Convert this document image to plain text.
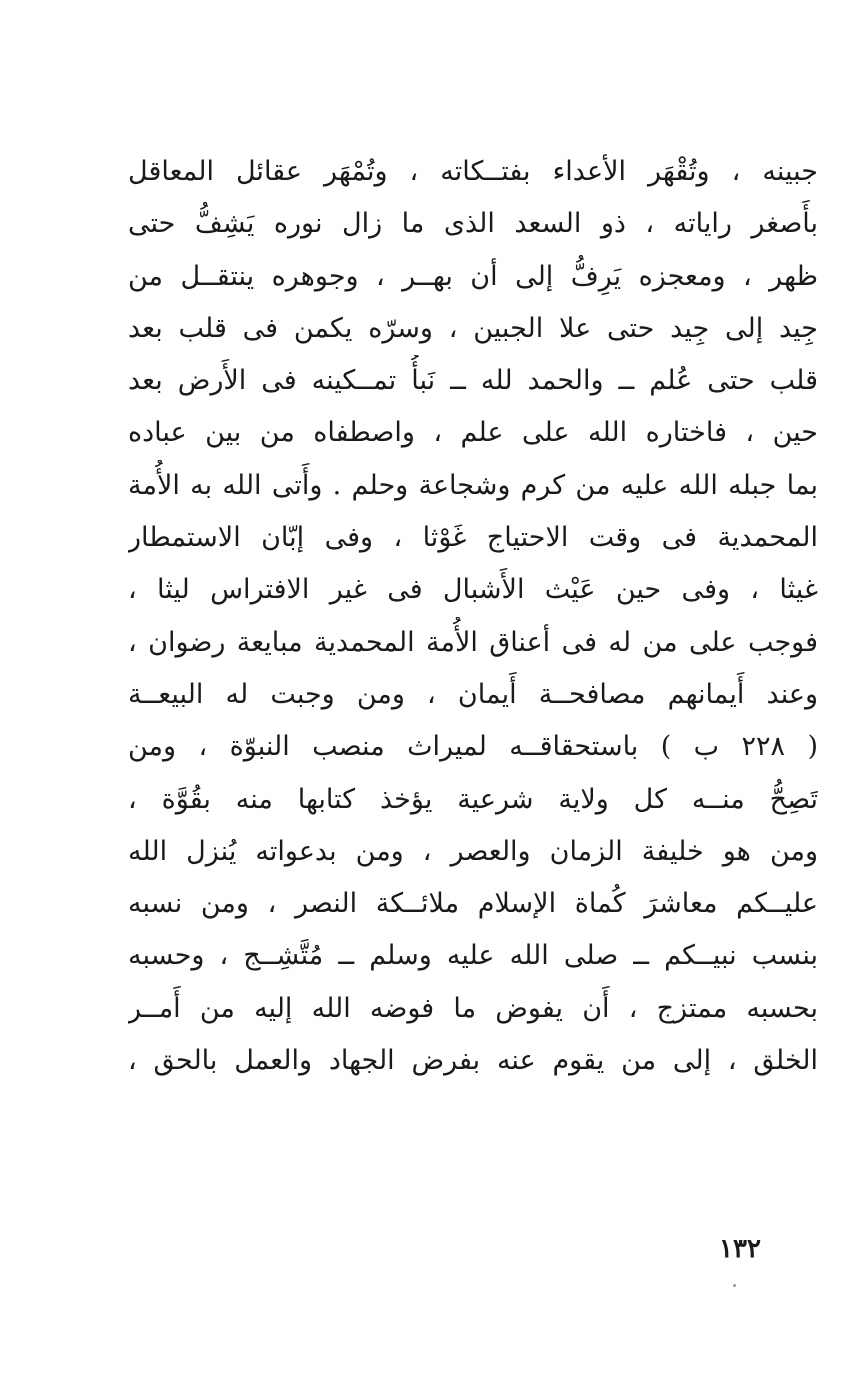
جبينه ، وتُقْهَر الأعداء بفتــكاته ، وتُمْهَر عقائل المعاقل
بأَصغر راياته ، ذو السعد الذى ما زال نوره يَشِفُّ حتى
ظهر ، ومعجزه يَرِفُّ إلى أن بهــر ، وجوهره ينتقــل من
جِيد إلى جِيد حتى علا الجبين ، وسرّه يكمن فى قلب بعد
قلب حتى عُلم ــ والحمد لله ــ نَبأُ تمــكينه فى الأَرض بعد
حين ، فاختاره الله على علم ، واصطفاه من بين عباده
بما جبله الله عليه من كرم وشجاعة وحلم . وأَتى الله به الأُمة
المحمدية فى وقت الاحتياج غَوْثا ، وفى إبّان الاستمطار
غيثا ، وفى حين عَيْث الأَشبال فى غير الافتراس ليثا ،
فوجب على من له فى أعناق الأُمة المحمدية مبايعة رضوان ،
وعند أَيمانهم مصافحــة أَيمان ، ومن وجبت له البيعــة
( ٢٢٨ ب ) باستحقاقــه لميراث منصب النبوّة ، ومن
تَصِحُّ منــه كل ولاية شرعية يؤخذ كتابها منه بقُوَّة ،
ومن هو خليفة الزمان والعصر ، ومن بدعواته يُنزل الله
عليــكم معاشرَ كُماة الإسلام ملائــكة النصر ، ومن نسبه
بنسب نبيــكم ــ صلى الله عليه وسلم ــ مُتَّشِــج ، وحسبه
بحسبه ممتزج ، أَن يفوض ما فوضه الله إليه من أَمــر
الخلق ، إلى من يقوم عنه بفرض الجهاد والعمل بالحق ،
١٣٢
